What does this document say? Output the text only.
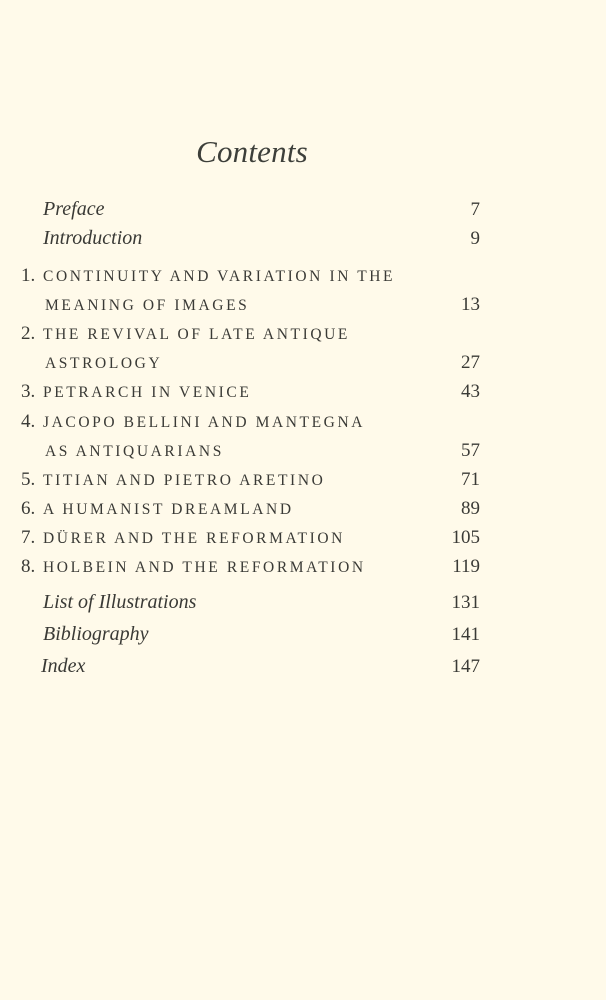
Contents
Preface	7
Introduction	9
1. CONTINUITY AND VARIATION IN THE
MEANING OF IMAGES	13
2. THE REVIVAL OF LATE ANTIQUE
ASTROLOGY	27
3. PETRARCH IN VENICE	43
4. JACOPO BELLINI AND MANTEGNA
AS ANTIQUARIANS	57
5. TITIAN AND PIETRO ARETINO	71
6. A HUMANIST DREAMLAND	89
7. DÜRER AND THE REFORMATION	105
8. HOLBEIN AND THE REFORMATION	119
List of Illustrations	131
Bibliography	141
Index	147
